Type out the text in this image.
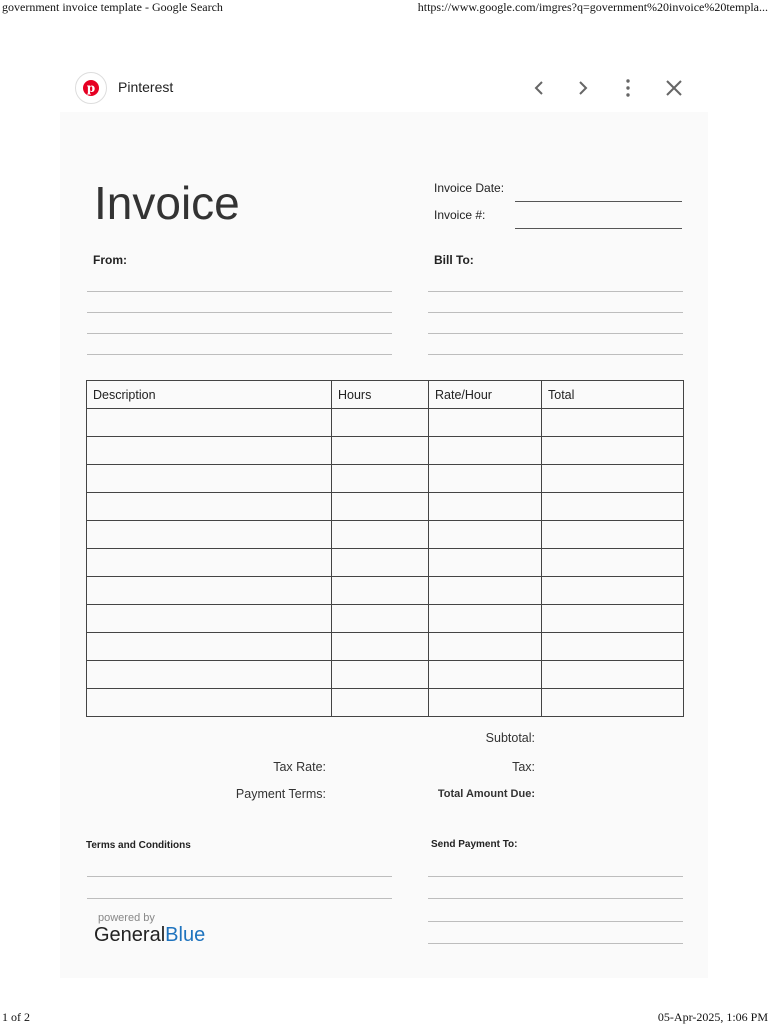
government invoice template - Google Search	https://www.google.com/imgres?q=government%20invoice%20templa...
p Pinterest
Invoice	Invoice Date:
Invoice #:
From:	Bill To:
Description	Hours	Rate/Hour	Total

Subtotal:
Tax Rate:	Tax:
Payment Terms:	Total Amount Due:
Terms and Conditions	Send Payment To:
powered by
GeneralBlue
1 of 2	05-Apr-2025, 1:06 PM
